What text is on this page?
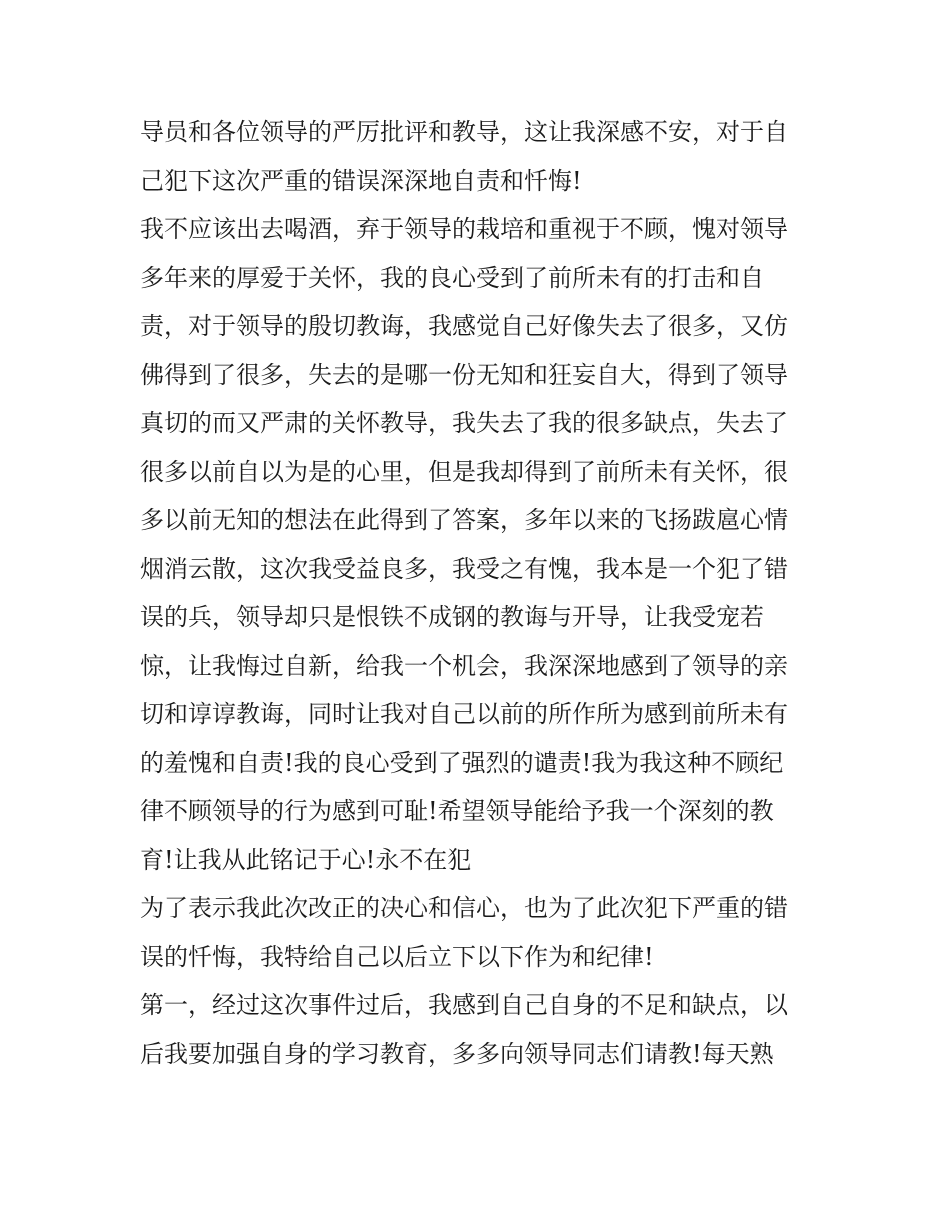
导员和各位领导的严厉批评和教导，这让我深感不安，对于自
己犯下这次严重的错误深深地自责和忏悔!
我不应该出去喝酒，弃于领导的栽培和重视于不顾，愧对领导
多年来的厚爱于关怀，我的良心受到了前所未有的打击和自
责，对于领导的殷切教诲，我感觉自己好像失去了很多，又仿
佛得到了很多，失去的是哪一份无知和狂妄自大，得到了领导
真切的而又严肃的关怀教导，我失去了我的很多缺点，失去了
很多以前自以为是的心里，但是我却得到了前所未有关怀，很
多以前无知的想法在此得到了答案，多年以来的飞扬跋扈心情
烟消云散，这次我受益良多，我受之有愧，我本是一个犯了错
误的兵，领导却只是恨铁不成钢的教诲与开导，让我受宠若
惊，让我悔过自新，给我一个机会，我深深地感到了领导的亲
切和谆谆教诲，同时让我对自己以前的所作所为感到前所未有
的羞愧和自责!我的良心受到了强烈的谴责!我为我这种不顾纪
律不顾领导的行为感到可耻!希望领导能给予我一个深刻的教
育!让我从此铭记于心!永不在犯
为了表示我此次改正的决心和信心，也为了此次犯下严重的错
误的忏悔，我特给自己以后立下以下作为和纪律!
第一，经过这次事件过后，我感到自己自身的不足和缺点，以
后我要加强自身的学习教育，多多向领导同志们请教!每天熟
